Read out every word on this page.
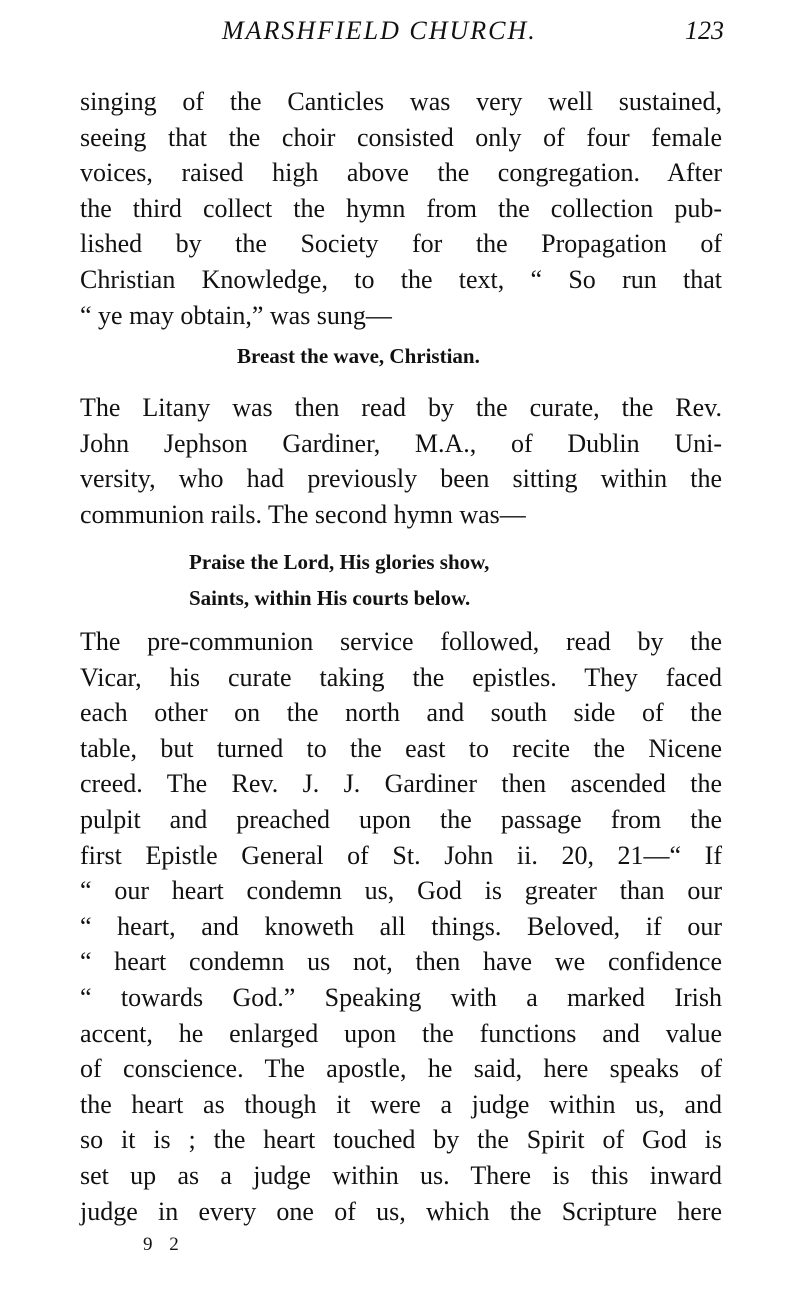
MARSHFIELD CHURCH.	123
singing of the Canticles was very well sustained,
seeing that the choir consisted only of four female
voices, raised high above the congregation. After
the third collect the hymn from the collection pub-
lished by the Society for the Propagation of
Christian Knowledge, to the text, “ So run that
“ ye may obtain,” was sung—
Breast the wave, Christian.
The Litany was then read by the curate, the Rev.
John Jephson Gardiner, M.A., of Dublin Uni-
versity, who had previously been sitting within the
communion rails. The second hymn was—
Praise the Lord, His glories show,
Saints, within His courts below.
The pre-communion service followed, read by the
Vicar, his curate taking the epistles. They faced
each other on the north and south side of the
table, but turned to the east to recite the Nicene
creed. The Rev. J. J. Gardiner then ascended the
pulpit and preached upon the passage from the
first Epistle General of St. John ii. 20, 21—“ If
“ our heart condemn us, God is greater than our
“ heart, and knoweth all things. Beloved, if our
“ heart condemn us not, then have we confidence
“ towards God.” Speaking with a marked Irish
accent, he enlarged upon the functions and value
of conscience. The apostle, he said, here speaks of
the heart as though it were a judge within us, and
so it is ; the heart touched by the Spirit of God is
set up as a judge within us. There is this inward
judge in every one of us, which the Scripture here
9 2
